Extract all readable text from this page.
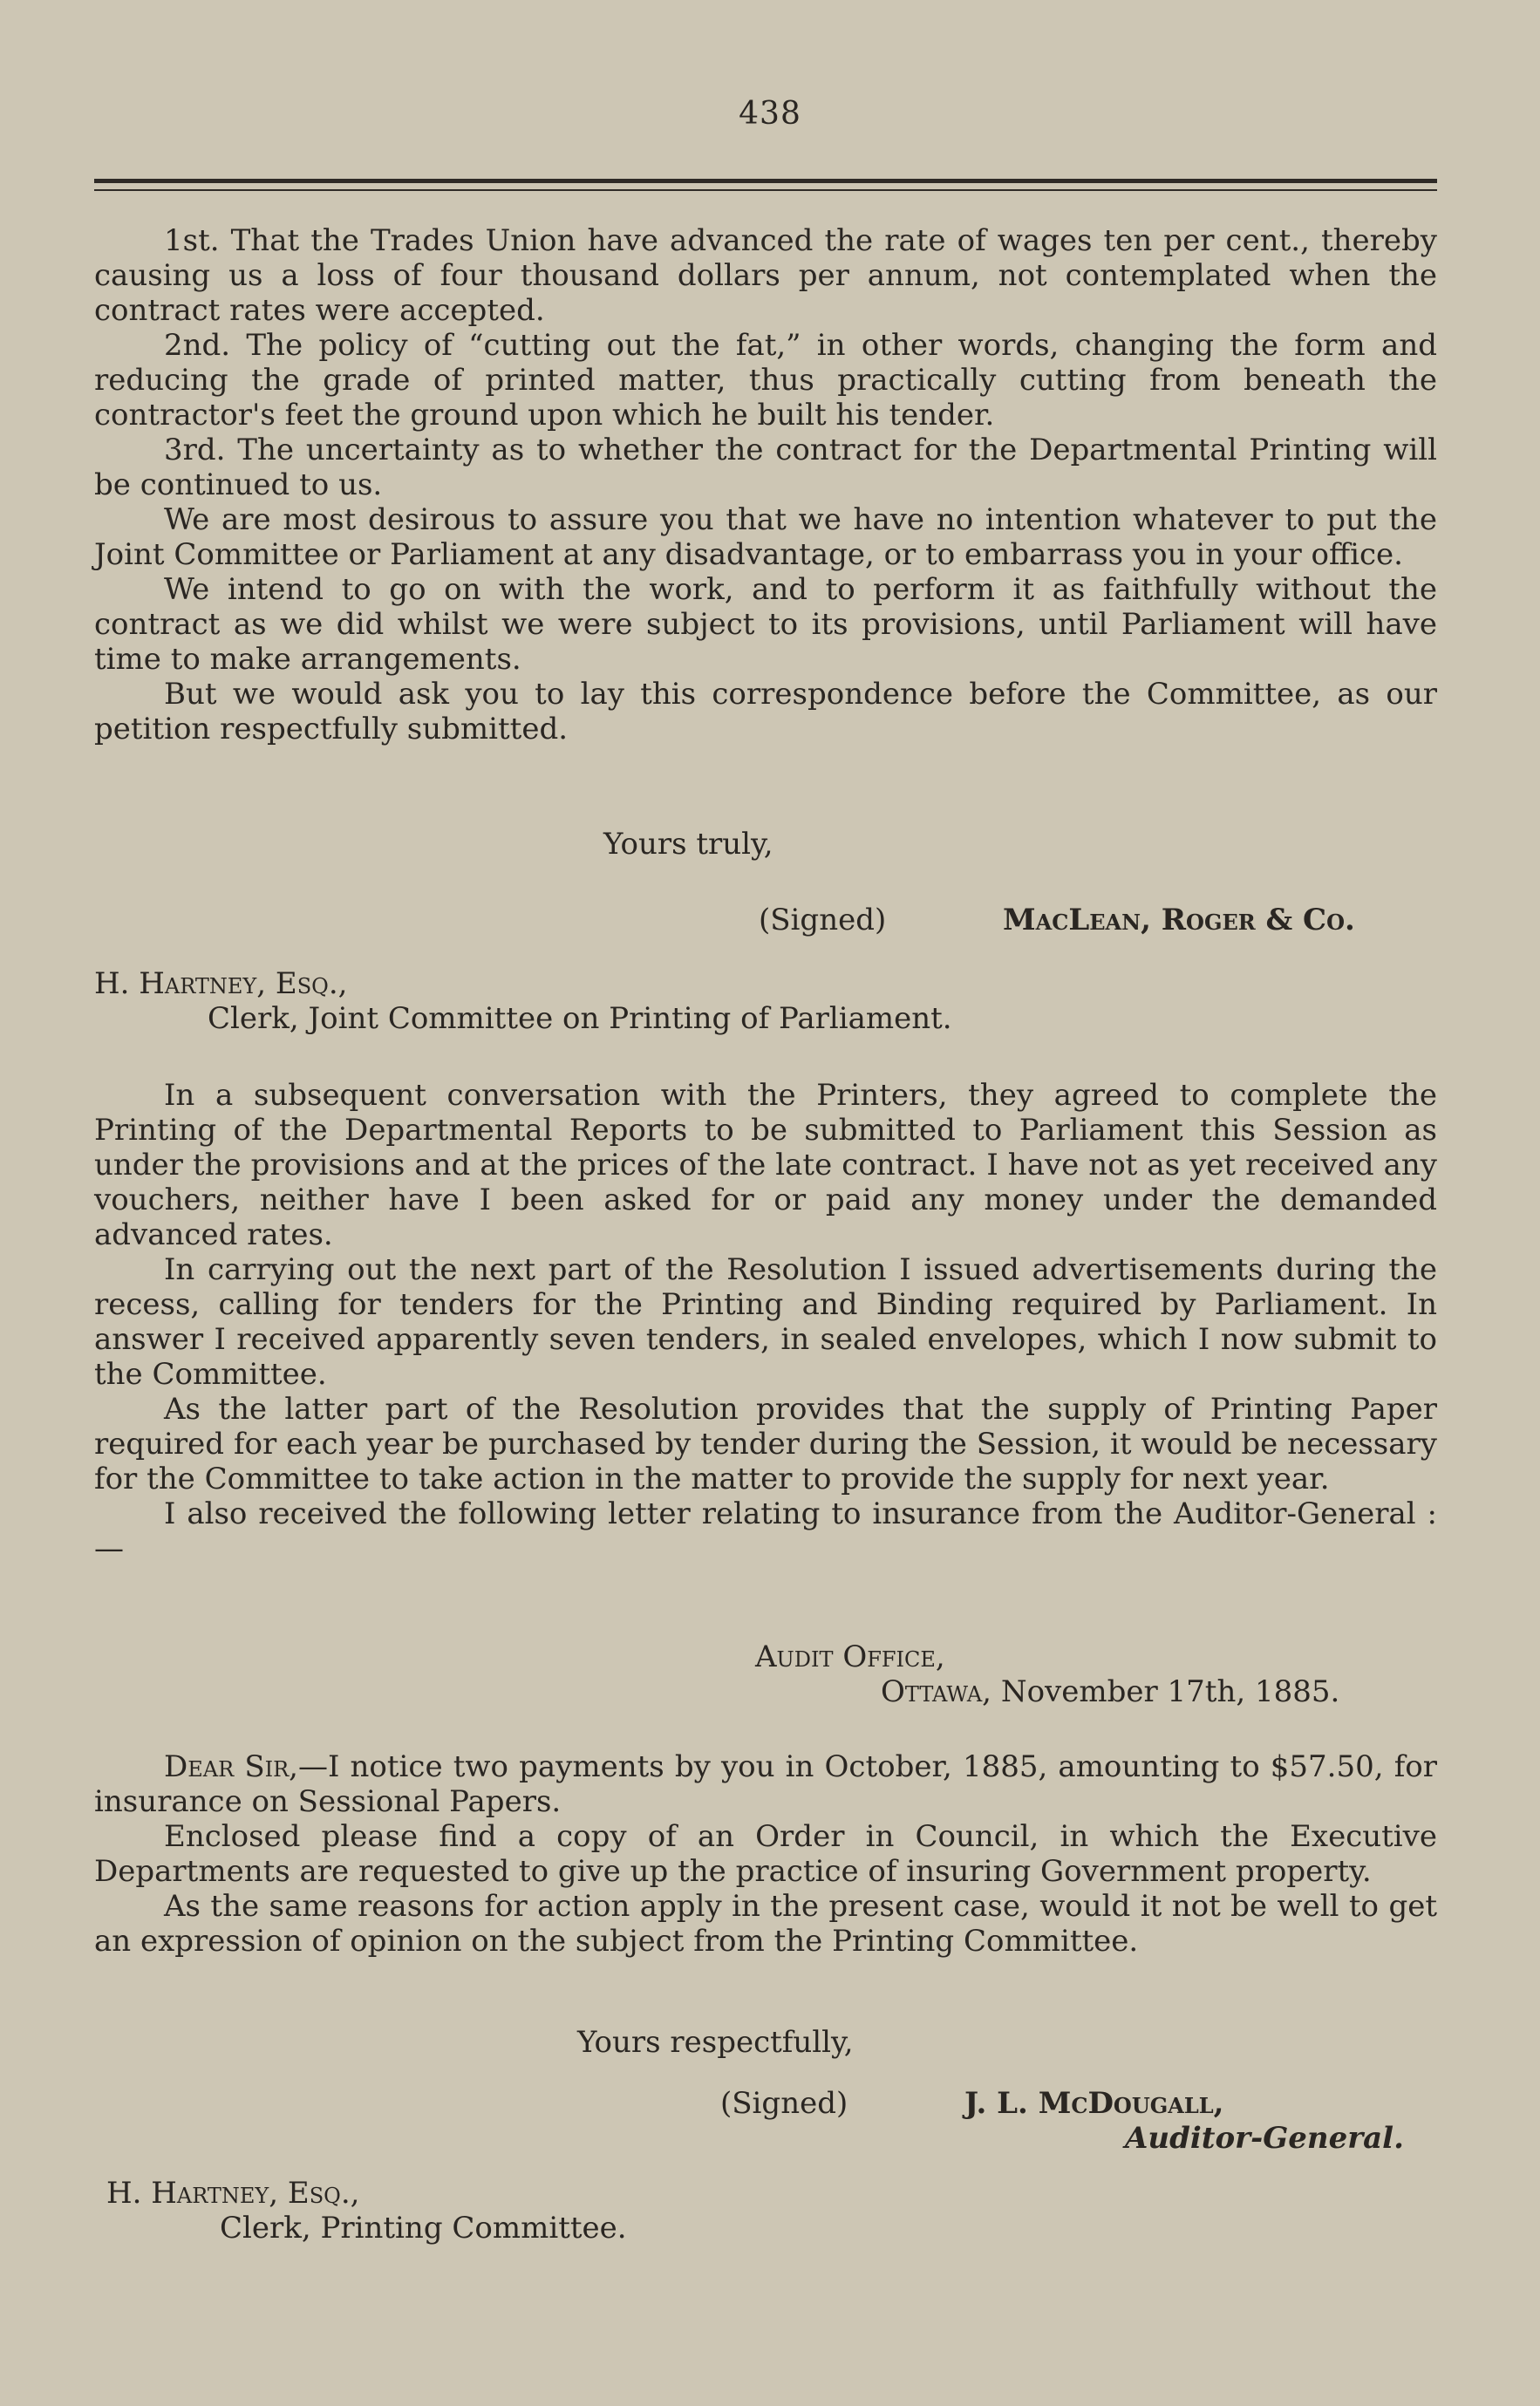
438

1st. That the Trades Union have advanced the rate of wages ten per cent., thereby causing us a loss of four thousand dollars per annum, not contemplated when the contract rates were accepted.

2nd. The policy of “cutting out the fat,” in other words, changing the form and reducing the grade of printed matter, thus practically cutting from beneath the contractor's feet the ground upon which he built his tender.

3rd. The uncertainty as to whether the contract for the Departmental Printing will be continued to us.

We are most desirous to assure you that we have no intention whatever to put the Joint Committee or Parliament at any disadvantage, or to embarrass you in your office.

We intend to go on with the work, and to perform it as faithfully without the contract as we did whilst we were subject to its provisions, until Parliament will have time to make arrangements.

But we would ask you to lay this correspondence before the Committee, as our petition respectfully submitted.

Yours truly,
(Signed)	MacLean, Roger & Co.
H. Hartney, Esq.,
Clerk, Joint Committee on Printing of Parliament.

In a subsequent conversation with the Printers, they agreed to complete the Printing of the Departmental Reports to be submitted to Parliament this Session as under the provisions and at the prices of the late contract. I have not as yet received any vouchers, neither have I been asked for or paid any money under the demanded advanced rates.

In carrying out the next part of the Resolution I issued advertisements during the recess, calling for tenders for the Printing and Binding required by Parliament. In answer I received apparently seven tenders, in sealed envelopes, which I now submit to the Committee.

As the latter part of the Resolution provides that the supply of Printing Paper required for each year be purchased by tender during the Session, it would be necessary for the Committee to take action in the matter to provide the supply for next year.

I also received the following letter relating to insurance from the Auditor-General :—

Audit Office,
Ottawa, November 17th, 1885.

Dear Sir,—I notice two payments by you in October, 1885, amounting to $57.50, for insurance on Sessional Papers.

Enclosed please find a copy of an Order in Council, in which the Executive Departments are requested to give up the practice of insuring Government property.

As the same reasons for action apply in the present case, would it not be well to get an expression of opinion on the subject from the Printing Committee.

Yours respectfully,
(Signed)	J. L. McDougall,
Auditor-General.
H. Hartney, Esq.,
Clerk, Printing Committee.
